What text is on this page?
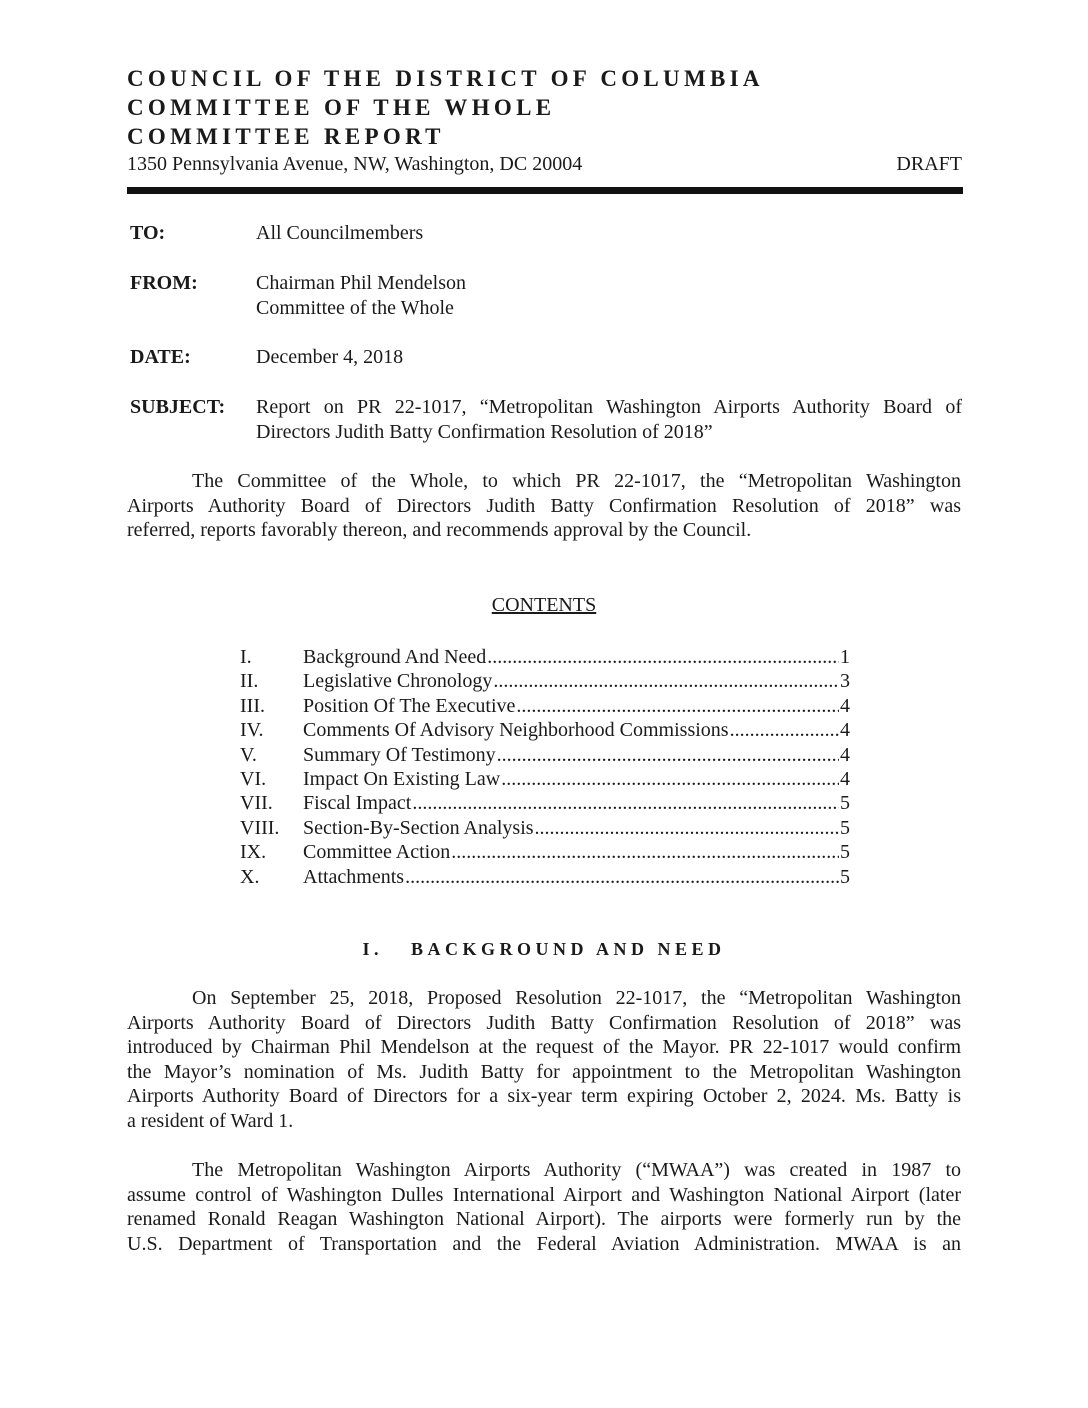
COUNCIL OF THE DISTRICT OF COLUMBIA
COMMITTEE OF THE WHOLE
COMMITTEE REPORT
1350 Pennsylvania Avenue, NW, Washington, DC 20004	DRAFT
TO:	All Councilmembers
FROM:	Chairman Phil Mendelson
Committee of the Whole
DATE:	December 4, 2018
SUBJECT: Report on PR 22-1017, “Metropolitan Washington Airports Authority Board of
Directors Judith Batty Confirmation Resolution of 2018”
The Committee of the Whole, to which PR 22-1017, the “Metropolitan Washington
Airports Authority Board of Directors Judith Batty Confirmation Resolution of 2018” was
referred, reports favorably thereon, and recommends approval by the Council.
CONTENTS
I.	Background And Need .....	1
II. Legislative Chronology .....	3
III. Position Of The Executive .....	4
IV. Comments Of Advisory Neighborhood Commissions .....	4
V. Summary Of Testimony .....	4
VI. Impact On Existing Law .....	4
VII. Fiscal Impact .....	5
VIII. Section-By-Section Analysis .....	5
IX. Committee Action .....	5
X. Attachments .....	5
I. BACKGROUND AND NEED
On September 25, 2018, Proposed Resolution 22-1017, the “Metropolitan Washington
Airports Authority Board of Directors Judith Batty Confirmation Resolution of 2018” was
introduced by Chairman Phil Mendelson at the request of the Mayor. PR 22-1017 would confirm
the Mayor’s nomination of Ms. Judith Batty for appointment to the Metropolitan Washington
Airports Authority Board of Directors for a six-year term expiring October 2, 2024. Ms. Batty is
a resident of Ward 1.
The Metropolitan Washington Airports Authority (“MWAA”) was created in 1987 to
assume control of Washington Dulles International Airport and Washington National Airport (later
renamed Ronald Reagan Washington National Airport). The airports were formerly run by the
U.S. Department of Transportation and the Federal Aviation Administration. MWAA is an
